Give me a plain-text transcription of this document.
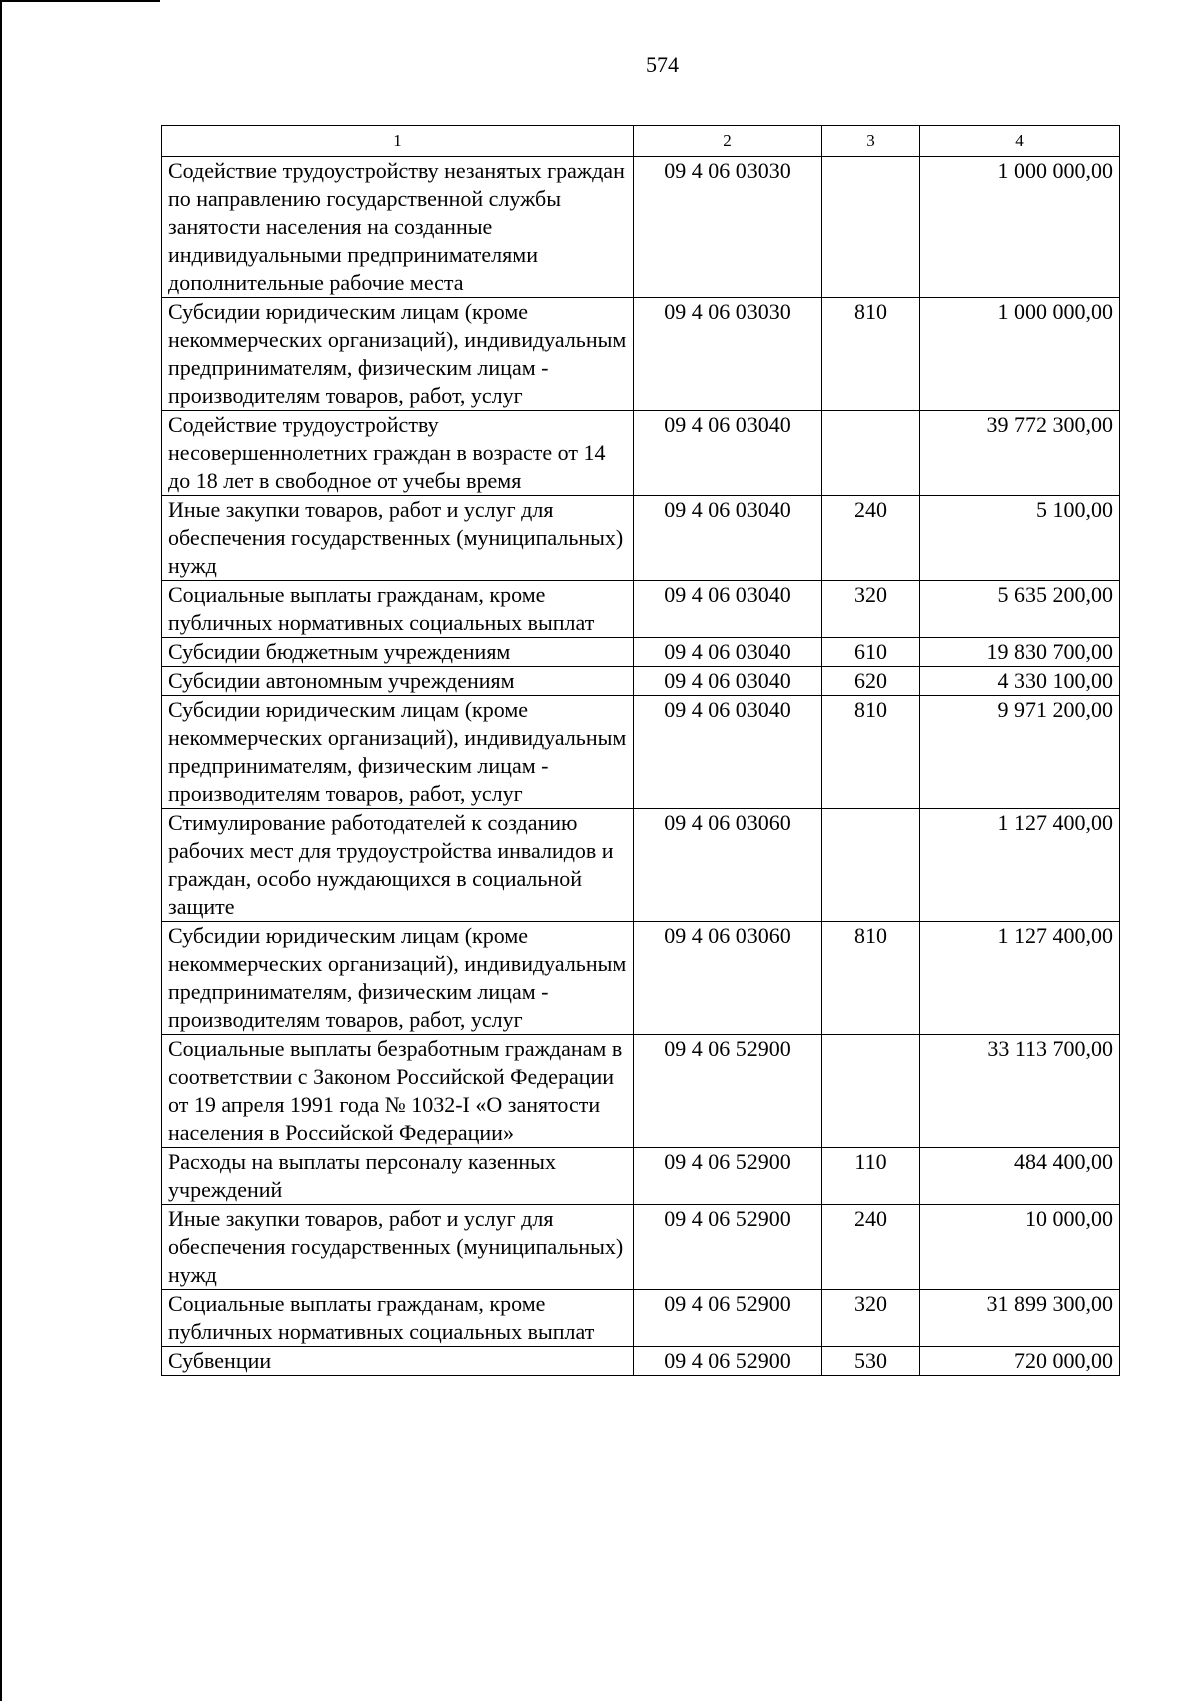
574
1	2	3	4
Содействие трудоустройству незанятых граждан по направлению государственной службы занятости населения на созданные индивидуальными предпринимателями дополнительные рабочие места	09 4 06 03030		1 000 000,00
Субсидии юридическим лицам (кроме некоммерческих организаций), индивидуальным предпринимателям, физическим лицам - производителям товаров, работ, услуг	09 4 06 03030	810	1 000 000,00
Содействие трудоустройству несовершеннолетних граждан в возрасте от 14 до 18 лет в свободное от учебы время	09 4 06 03040		39 772 300,00
Иные закупки товаров, работ и услуг для обеспечения государственных (муниципальных) нужд	09 4 06 03040	240	5 100,00
Социальные выплаты гражданам, кроме публичных нормативных социальных выплат	09 4 06 03040	320	5 635 200,00
Субсидии бюджетным учреждениям	09 4 06 03040	610	19 830 700,00
Субсидии автономным учреждениям	09 4 06 03040	620	4 330 100,00
Субсидии юридическим лицам (кроме некоммерческих организаций), индивидуальным предпринимателям, физическим лицам - производителям товаров, работ, услуг	09 4 06 03040	810	9 971 200,00
Стимулирование работодателей к созданию рабочих мест для трудоустройства инвалидов и граждан, особо нуждающихся в социальной защите	09 4 06 03060		1 127 400,00
Субсидии юридическим лицам (кроме некоммерческих организаций), индивидуальным предпринимателям, физическим лицам - производителям товаров, работ, услуг	09 4 06 03060	810	1 127 400,00
Социальные выплаты безработным гражданам в соответствии с Законом Российской Федерации от 19 апреля 1991 года № 1032-I «О занятости населения в Российской Федерации»	09 4 06 52900		33 113 700,00
Расходы на выплаты персоналу казенных учреждений	09 4 06 52900	110	484 400,00
Иные закупки товаров, работ и услуг для обеспечения государственных (муниципальных) нужд	09 4 06 52900	240	10 000,00
Социальные выплаты гражданам, кроме публичных нормативных социальных выплат	09 4 06 52900	320	31 899 300,00
Субвенции	09 4 06 52900	530	720 000,00
